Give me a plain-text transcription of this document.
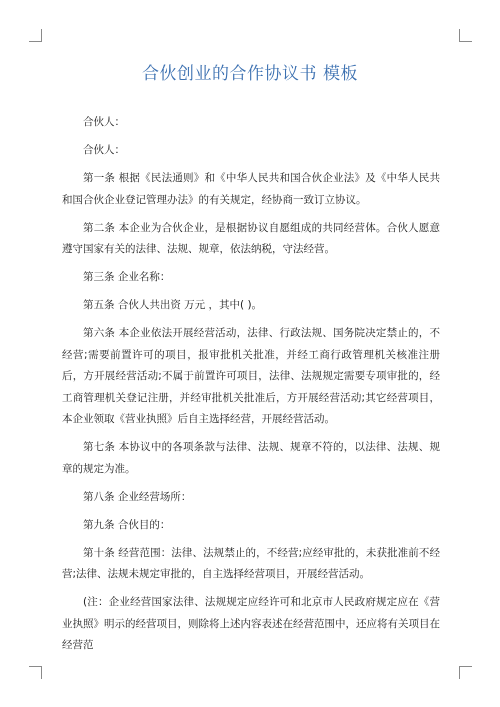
合伙创业的合作协议书 模板

合伙人：

合伙人：

第一条 根据《民法通则》和《中华人民共和国合伙企业法》及《中华人民共和国合伙企业登记管理办法》的有关规定，经协商一致订立协议。

第二条 本企业为合伙企业，是根据协议自愿组成的共同经营体。合伙人愿意遵守国家有关的法律、法规、规章，依法纳税，守法经营。

第三条 企业名称：

第五条 合伙人共出资 万元 ，其中( )。

第六条 本企业依法开展经营活动，法律、行政法规、国务院决定禁止的，不经营;需要前置许可的项目，报审批机关批准，并经工商行政管理机关核准注册后，方开展经营活动;不属于前置许可项目，法律、法规规定需要专项审批的，经工商管理机关登记注册，并经审批机关批准后，方开展经营活动;其它经营项目，本企业领取《营业执照》后自主选择经营，开展经营活动。

第七条 本协议中的各项条款与法律、法规、规章不符的，以法律、法规、规章的规定为准。

第八条 企业经营场所：

第九条 合伙目的：

第十条 经营范围：法律、法规禁止的，不经营;应经审批的，未获批准前不经营;法律、法规未规定审批的，自主选择经营项目，开展经营活动。

(注：企业经营国家法律、法规规定应经许可和北京市人民政府规定应在《营业执照》明示的经营项目，则除将上述内容表述在经营范围中，还应将有关项目在经营范
